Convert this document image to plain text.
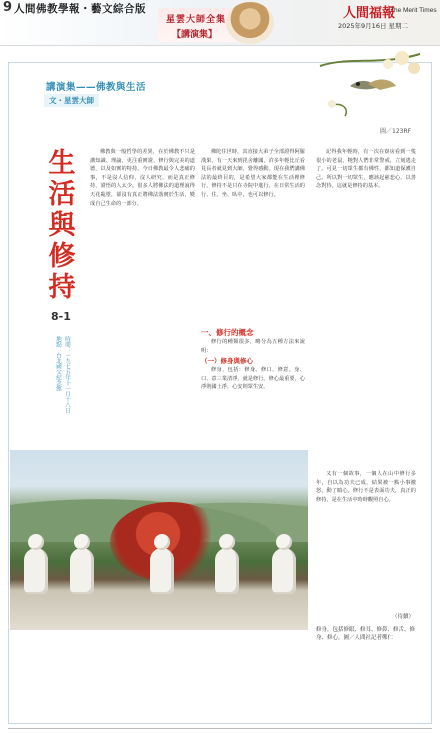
9 人間佛教學報・藝文綜合版
星雲大師全集
【講演集】
人間福報
The Merit Times
2025年9月16日 星期二
講演集——佛教與生活
文・星雲大師
圖／123RF
生
活
與
修
持
8-1
時間：一九七五年十一月十八日
地點：台北國父紀念館

佛教與一般哲學的差異，在於佛教不只是講知識、理論，更注重實證、修行與完美的道德，以及如實的特持。今日佛教最令人悲痛的事，不是沒人信仰，沒人研究，而是真正修持、證悟的人太少。很多人將佛法的道理說得天花亂墜，卻沒有真正將佛法落實於生活，變成自己生命的一部分。

佛陀住世時，其直接大弟子全部證得阿羅漢果，有一天來到毘舍離國，許多年輕比丘看見長者就見到大師，覺得感動。現在我們講佛法的最終目的，是希望大家都能在生活裡修行，修持不是只在寺院中進行，在日常生活的行、住、坐、臥中，也可以修行。

一、修行的概念

修行的種類很多，略分為五種方法來說明：

（一）修身與修心

修身，包括：修身、修口、修意。身、口、意三業清淨，就是修行。修心最重要，心淨則國土淨，心安則眾生安。

記得我年輕時，有一次在寮房看到一隻很小的老鼠，牠對人們非常警戒，立刻逃走了。可見一切眾生都有佛性，都知道保護自己。所以對一切眾生，應該起慈悲心，以善念對待。這就是修持的基本。

又有一個故事，一個人在山中修行多年，自以為功夫已成，結果被一點小事激怒，動了瞋心。修行不是表面功夫，真正的修持，是在生活中時時觀照自心。

（待續）
修身，包括修眼、修耳、修鼻、修舌、修身、修心。圖／人間社記者鄭仁
